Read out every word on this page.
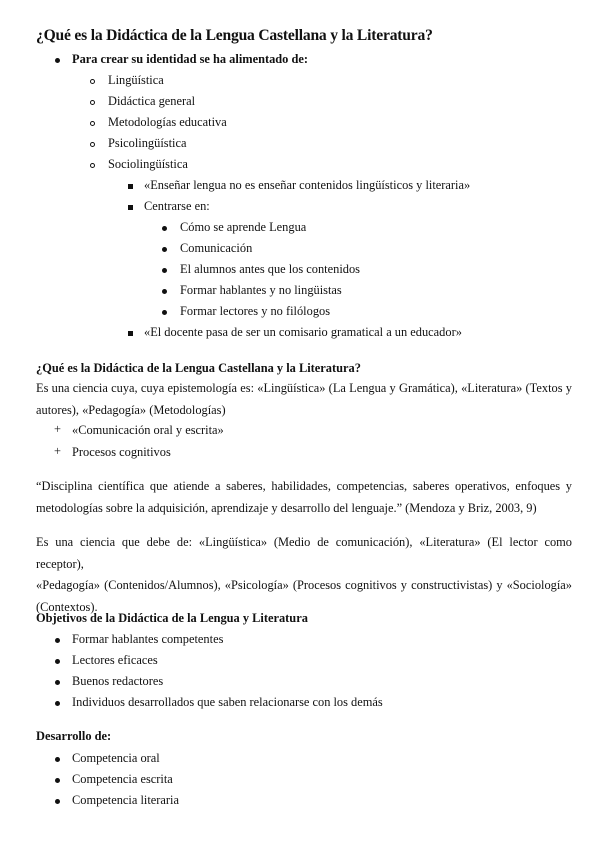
¿Qué es la Didáctica de la Lengua Castellana y la Literatura?
Para crear su identidad se ha alimentado de:
Lingüística
Didáctica general
Metodologías educativa
Psicolingüística
Sociolingüística
«Enseñar lengua no es enseñar contenidos lingüísticos y literaria»
Centrarse en:
Cómo se aprende Lengua
Comunicación
El alumnos antes que los contenidos
Formar hablantes y no lingüistas
Formar lectores y no filólogos
«El docente pasa de ser un comisario gramatical a un educador»
¿Qué es la Didáctica de la Lengua Castellana y la Literatura?
Es una ciencia cuya, cuya epistemología es: «Lingüística» (La Lengua y Gramática), «Literatura» (Textos y
autores), «Pedagogía» (Metodologías)
+ «Comunicación oral y escrita»
+ Procesos cognitivos
“Disciplina científica que atiende a saberes, habilidades, competencias, saberes operativos, enfoques y
metodologías sobre la adquisición, aprendizaje y desarrollo del lenguaje.” (Mendoza y Briz, 2003, 9)
Es una ciencia que debe de: «Lingüística» (Medio de comunicación), «Literatura» (El lector como receptor),
«Pedagogía» (Contenidos/Alumnos), «Psicología» (Procesos cognitivos y constructivistas) y «Sociología»
(Contextos).
Objetivos de la Didáctica de la Lengua y Literatura
Formar hablantes competentes
Lectores eficaces
Buenos redactores
Individuos desarrollados que saben relacionarse con los demás
Desarrollo de:
Competencia oral
Competencia escrita
Competencia literaria
